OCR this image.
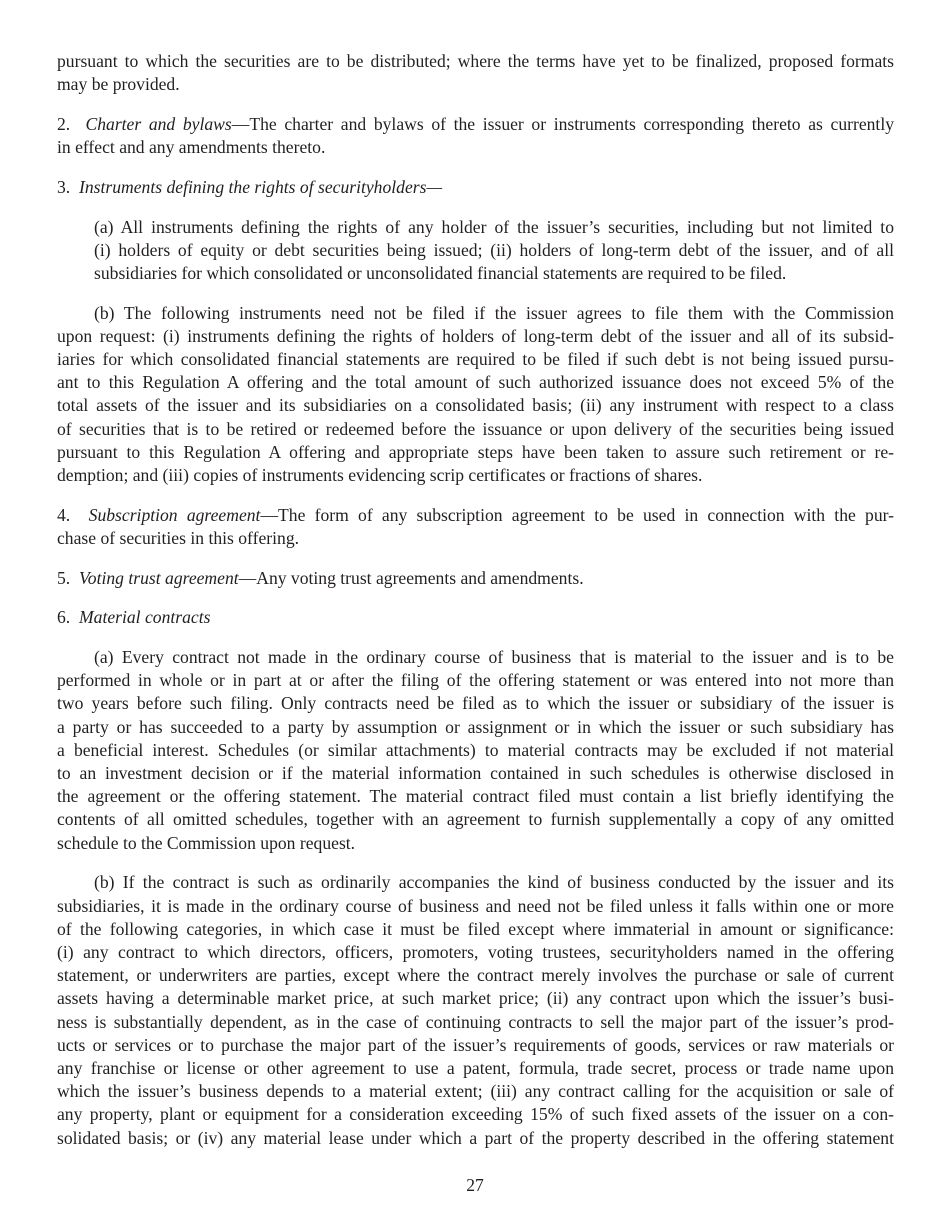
pursuant to which the securities are to be distributed; where the terms have yet to be finalized, proposed formats
may be provided.
2. Charter and bylaws—The charter and bylaws of the issuer or instruments corresponding thereto as currently
in effect and any amendments thereto.
3. Instruments defining the rights of securityholders—
(a) All instruments defining the rights of any holder of the issuer’s securities, including but not limited to
(i) holders of equity or debt securities being issued; (ii) holders of long-term debt of the issuer, and of all
subsidiaries for which consolidated or unconsolidated financial statements are required to be filed.
(b) The following instruments need not be filed if the issuer agrees to file them with the Commission
upon request: (i) instruments defining the rights of holders of long-term debt of the issuer and all of its subsid-
iaries for which consolidated financial statements are required to be filed if such debt is not being issued pursu-
ant to this Regulation A offering and the total amount of such authorized issuance does not exceed 5% of the
total assets of the issuer and its subsidiaries on a consolidated basis; (ii) any instrument with respect to a class
of securities that is to be retired or redeemed before the issuance or upon delivery of the securities being issued
pursuant to this Regulation A offering and appropriate steps have been taken to assure such retirement or re-
demption; and (iii) copies of instruments evidencing scrip certificates or fractions of shares.
4. Subscription agreement—The form of any subscription agreement to be used in connection with the pur-
chase of securities in this offering.
5. Voting trust agreement—Any voting trust agreements and amendments.
6. Material contracts
(a) Every contract not made in the ordinary course of business that is material to the issuer and is to be
performed in whole or in part at or after the filing of the offering statement or was entered into not more than
two years before such filing. Only contracts need be filed as to which the issuer or subsidiary of the issuer is
a party or has succeeded to a party by assumption or assignment or in which the issuer or such subsidiary has
a beneficial interest. Schedules (or similar attachments) to material contracts may be excluded if not material
to an investment decision or if the material information contained in such schedules is otherwise disclosed in
the agreement or the offering statement. The material contract filed must contain a list briefly identifying the
contents of all omitted schedules, together with an agreement to furnish supplementally a copy of any omitted
schedule to the Commission upon request.
(b) If the contract is such as ordinarily accompanies the kind of business conducted by the issuer and its
subsidiaries, it is made in the ordinary course of business and need not be filed unless it falls within one or more
of the following categories, in which case it must be filed except where immaterial in amount or significance:
(i) any contract to which directors, officers, promoters, voting trustees, securityholders named in the offering
statement, or underwriters are parties, except where the contract merely involves the purchase or sale of current
assets having a determinable market price, at such market price; (ii) any contract upon which the issuer’s busi-
ness is substantially dependent, as in the case of continuing contracts to sell the major part of the issuer’s prod-
ucts or services or to purchase the major part of the issuer’s requirements of goods, services or raw materials or
any franchise or license or other agreement to use a patent, formula, trade secret, process or trade name upon
which the issuer’s business depends to a material extent; (iii) any contract calling for the acquisition or sale of
any property, plant or equipment for a consideration exceeding 15% of such fixed assets of the issuer on a con-
solidated basis; or (iv) any material lease under which a part of the property described in the offering statement
27
